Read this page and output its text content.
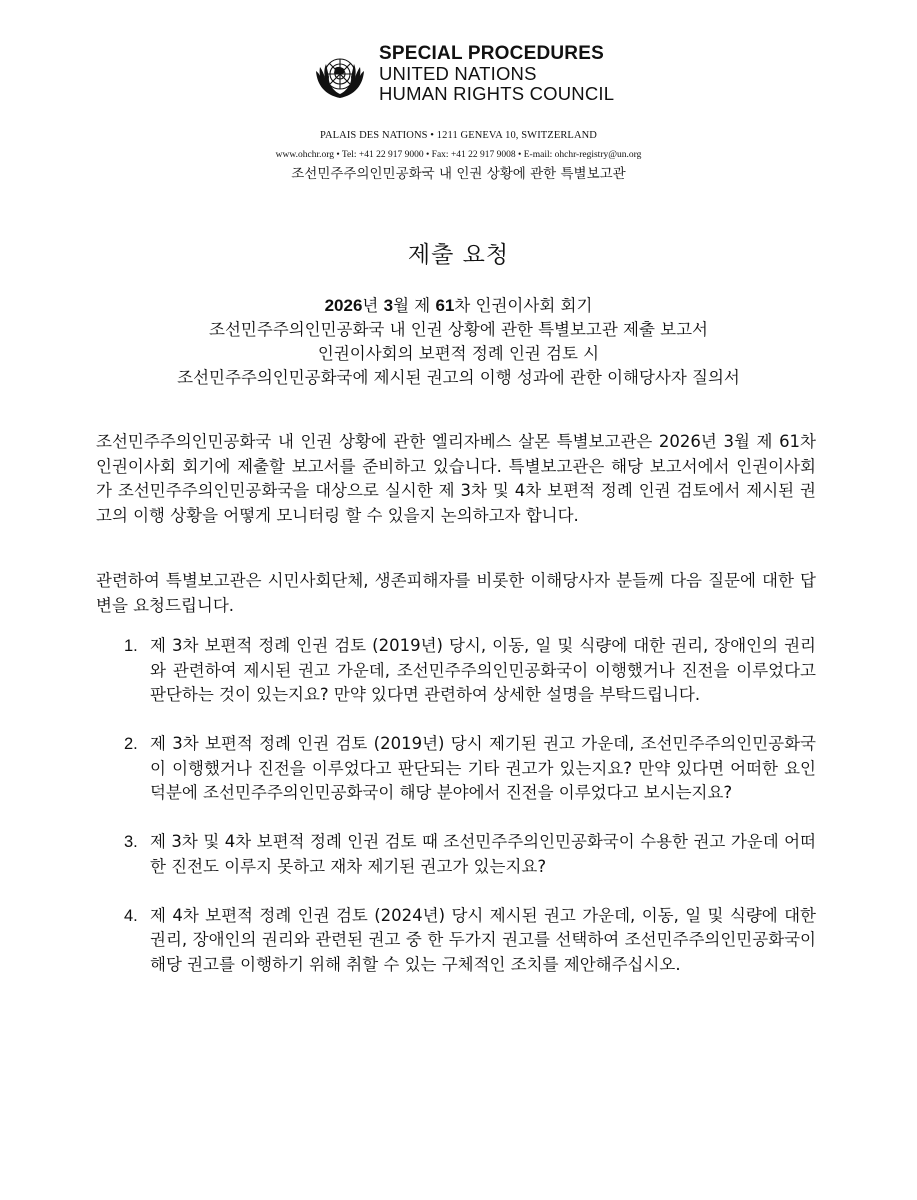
SPECIAL PROCEDURES
UNITED NATIONS
HUMAN RIGHTS COUNCIL
PALAIS DES NATIONS • 1211 GENEVA 10, SWITZERLAND
www.ohchr.org • Tel: +41 22 917 9000 • Fax: +41 22 917 9008 • E-mail: ohchr-registry@un.org
조선민주주의인민공화국 내 인권 상황에 관한 특별보고관
제출 요청
2026년 3월 제 61차 인권이사회 회기
조선민주주의인민공화국 내 인권 상황에 관한 특별보고관 제출 보고서
인권이사회의 보편적 정례 인권 검토 시
조선민주주의인민공화국에 제시된 권고의 이행 성과에 관한 이해당사자 질의서
조선민주주의인민공화국 내 인권 상황에 관한 엘리자베스 살몬 특별보고관은 2026년 3월 제 61차 인권이사회 회기에 제출할 보고서를 준비하고 있습니다. 특별보고관은 해당 보고서에서 인권이사회가 조선민주주의인민공화국을 대상으로 실시한 제 3차 및 4차 보편적 정례 인권 검토에서 제시된 권고의 이행 상황을 어떻게 모니터링 할 수 있을지 논의하고자 합니다.
관련하여 특별보고관은 시민사회단체, 생존피해자를 비롯한 이해당사자 분들께 다음 질문에 대한 답변을 요청드립니다.
1. 제 3차 보편적 정례 인권 검토 (2019년) 당시, 이동, 일 및 식량에 대한 권리, 장애인의 권리와 관련하여 제시된 권고 가운데, 조선민주주의인민공화국이 이행했거나 진전을 이루었다고 판단하는 것이 있는지요? 만약 있다면 관련하여 상세한 설명을 부탁드립니다.
2. 제 3차 보편적 정례 인권 검토 (2019년) 당시 제기된 권고 가운데, 조선민주주의인민공화국이 이행했거나 진전을 이루었다고 판단되는 기타 권고가 있는지요? 만약 있다면 어떠한 요인 덕분에 조선민주주의인민공화국이 해당 분야에서 진전을 이루었다고 보시는지요?
3. 제 3차 및 4차 보편적 정례 인권 검토 때 조선민주주의인민공화국이 수용한 권고 가운데 어떠한 진전도 이루지 못하고 재차 제기된 권고가 있는지요?
4. 제 4차 보편적 정례 인권 검토 (2024년) 당시 제시된 권고 가운데, 이동, 일 및 식량에 대한 권리, 장애인의 권리와 관련된 권고 중 한 두가지 권고를 선택하여 조선민주주의인민공화국이 해당 권고를 이행하기 위해 취할 수 있는 구체적인 조치를 제안해주십시오.
